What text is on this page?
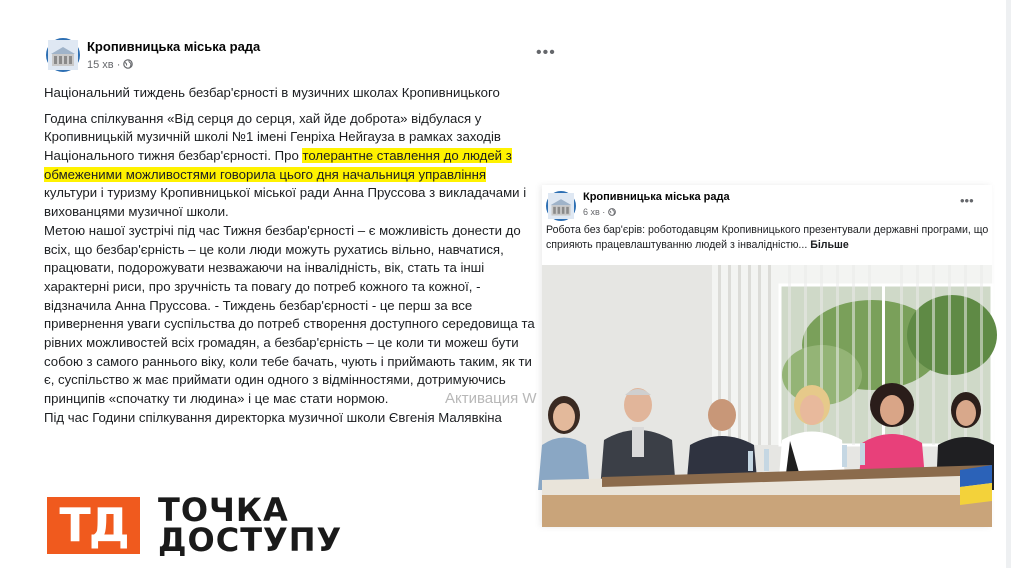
Кропивницька міська рада
15 хв ·
•••
Національний тиждень безбар'єрності в музичних школах Кропивницького
Година спілкування «Від серця до серця, хай йде доброта» відбулася у
Кропивницькій музичній школі №1 імені Генріха Нейгауза в рамках заходів
Національного тижня безбар'єрності. Про толерантне ставлення до людей з
обмеженими можливостями говорила цього дня начальниця управління
культури і туризму Кропивницької міської ради Анна Пруссова з викладачами і
вихованцями музичної школи.
Метою нашої зустрічі під час Тижня безбар'єрності – є можливість донести до
всіх, що безбар'єрність – це коли люди можуть рухатись вільно, навчатися,
працювати, подорожувати незважаючи на інвалідність, вік, стать та інші
характерні риси, про зручність та повагу до потреб кожного та кожної, -
відзначила Анна Пруссова. - Тиждень безбар'єрності - це перш за все
привернення уваги суспільства до потреб створення доступного середовища та
рівних можливостей всіх громадян, а безбар'єрність – це коли ти можеш бути
собою з самого раннього віку, коли тебе бачать, чують і приймають таким, як ти
є, суспільство ж має приймати один одного з відмінностями, дотримуючись
принципів «спочатку ти людина» і це має стати нормою.
Під час Години спілкування директорка музичної школи Євгенія Малявкіна
Активация W
Кропивницька міська рада
6 хв ·
•••
Робота без бар'єрів: роботодавцям Кропивницького презентували державні програми, що сприяють працевлаштуванню людей з інвалідністю... Більше
ТД ТОЧКА
ДОСТУПУ
